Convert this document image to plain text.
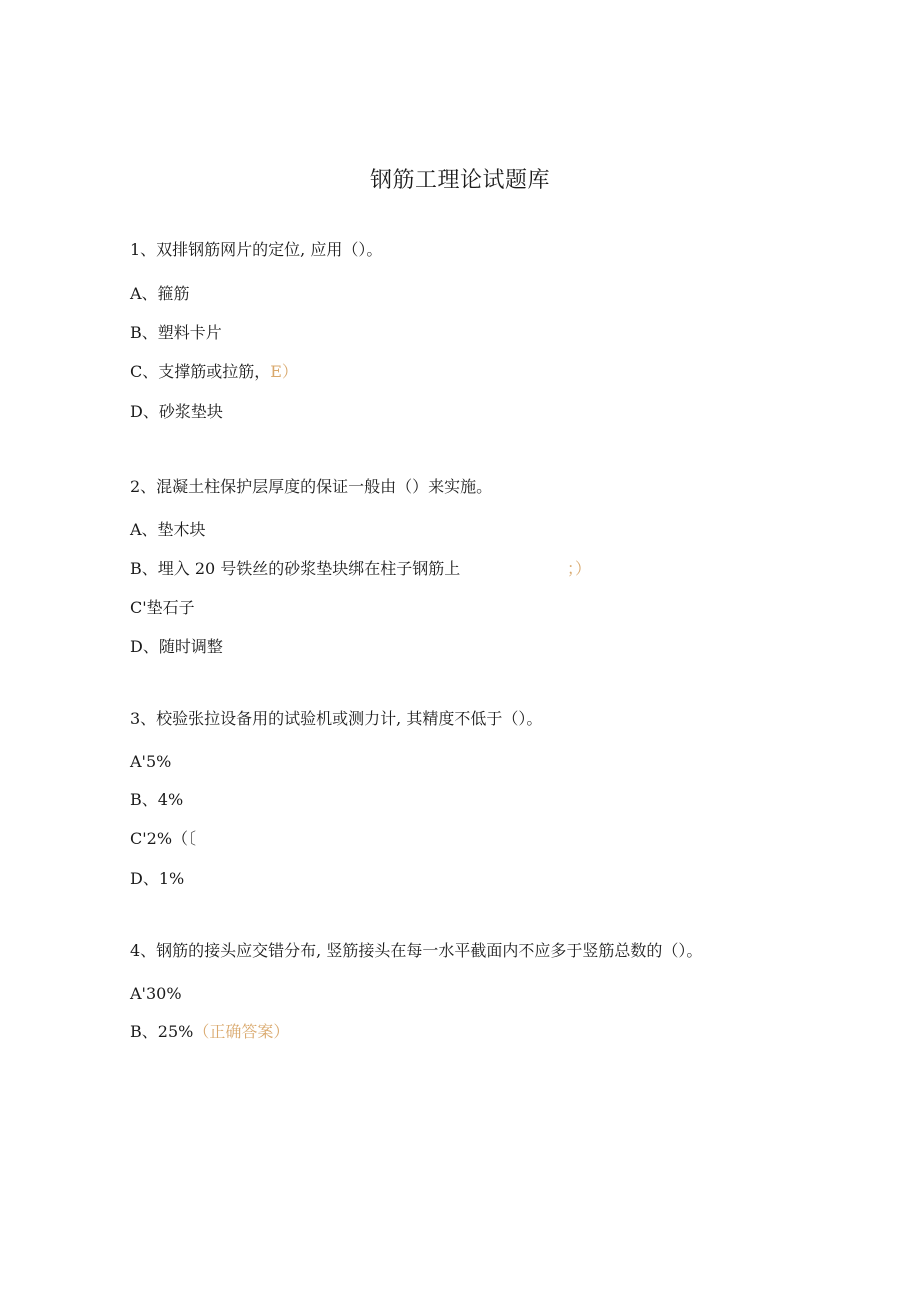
钢筋工理论试题库
1、双排钢筋网片的定位, 应用（）。
A、箍筋
B、塑料卡片
C、支撑筋或拉筋，E）
D、砂浆垫块
2、混凝土柱保护层厚度的保证一般由（）来实施。
A、垫木块
B、埋入 20 号铁丝的砂浆垫块绑在柱子钢筋上	；）
C'垫石子
D、随时调整
3、校验张拉设备用的试验机或测力计, 其精度不低于（）。
A'5%
B、4%
C'2%（〔
D、1%
4、钢筋的接头应交错分布, 竖筋接头在每一水平截面内不应多于竖筋总数的（）。
A'30%
B、25%（正确答案）
